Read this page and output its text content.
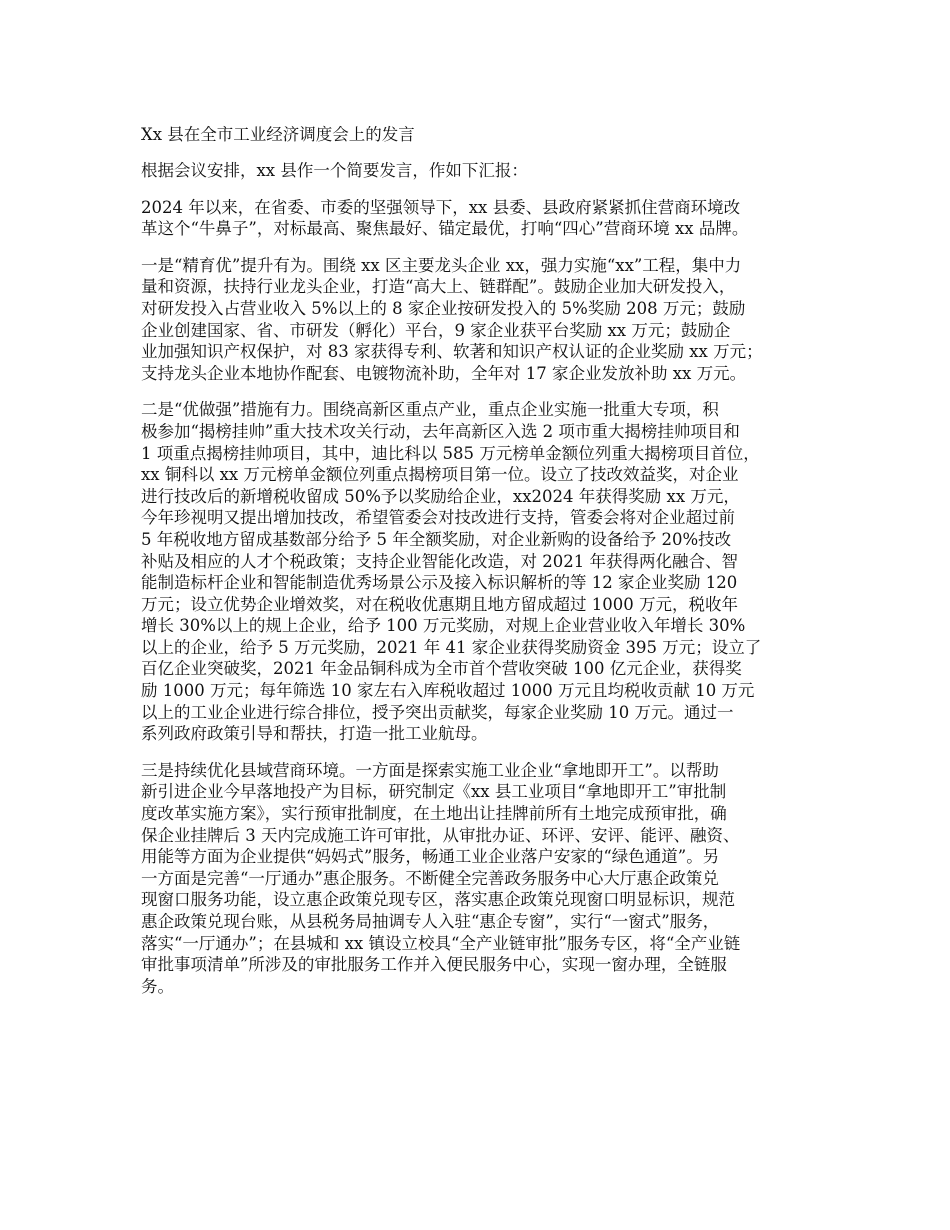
Xx 县在全市工业经济调度会上的发言
根据会议安排，xx 县作一个简要发言，作如下汇报：
2024 年以来，在省委、市委的坚强领导下，xx 县委、县政府紧紧抓住营商环境改
革这个“牛鼻子”，对标最高、聚焦最好、锚定最优，打响“四心”营商环境 xx 品牌。
一是“精育优”提升有为。围绕 xx 区主要龙头企业 xx，强力实施“xx”工程，集中力
量和资源，扶持行业龙头企业，打造“高大上、链群配”。鼓励企业加大研发投入，
对研发投入占营业收入 5%以上的 8 家企业按研发投入的 5%奖励 208 万元；鼓励
企业创建国家、省、市研发（孵化）平台，9 家企业获平台奖励 xx 万元；鼓励企
业加强知识产权保护，对 83 家获得专利、软著和知识产权认证的企业奖励 xx 万元；
支持龙头企业本地协作配套、电镀物流补助，全年对 17 家企业发放补助 xx 万元。
二是“优做强”措施有力。围绕高新区重点产业，重点企业实施一批重大专项，积
极参加“揭榜挂帅”重大技术攻关行动，去年高新区入选 2 项市重大揭榜挂帅项目和
1 项重点揭榜挂帅项目，其中，迪比科以 585 万元榜单金额位列重大揭榜项目首位，
xx 铜科以 xx 万元榜单金额位列重点揭榜项目第一位。设立了技改效益奖，对企业
进行技改后的新增税收留成 50%予以奖励给企业，xx2024 年获得奖励 xx 万元，
今年珍视明又提出增加技改，希望管委会对技改进行支持，管委会将对企业超过前
5 年税收地方留成基数部分给予 5 年全额奖励，对企业新购的设备给予 20%技改
补贴及相应的人才个税政策；支持企业智能化改造，对 2021 年获得两化融合、智
能制造标杆企业和智能制造优秀场景公示及接入标识解析的等 12 家企业奖励 120
万元；设立优势企业增效奖，对在税收优惠期且地方留成超过 1000 万元，税收年
增长 30%以上的规上企业，给予 100 万元奖励，对规上企业营业收入年增长 30%
以上的企业，给予 5 万元奖励，2021 年 41 家企业获得奖励资金 395 万元；设立了
百亿企业突破奖，2021 年金品铜科成为全市首个营收突破 100 亿元企业，获得奖
励 1000 万元；每年筛选 10 家左右入库税收超过 1000 万元且均税收贡献 10 万元
以上的工业企业进行综合排位，授予突出贡献奖，每家企业奖励 10 万元。通过一
系列政府政策引导和帮扶，打造一批工业航母。
三是持续优化县域营商环境。一方面是探索实施工业企业“拿地即开工”。以帮助
新引进企业今早落地投产为目标，研究制定《xx 县工业项目“拿地即开工”审批制
度改革实施方案》，实行预审批制度，在土地出让挂牌前所有土地完成预审批，确
保企业挂牌后 3 天内完成施工许可审批，从审批办证、环评、安评、能评、融资、
用能等方面为企业提供“妈妈式”服务，畅通工业企业落户安家的“绿色通道”。另
一方面是完善“一厅通办”惠企服务。不断健全完善政务服务中心大厅惠企政策兑
现窗口服务功能，设立惠企政策兑现专区，落实惠企政策兑现窗口明显标识，规范
惠企政策兑现台账，从县税务局抽调专人入驻“惠企专窗”，实行“一窗式”服务，
落实“一厅通办”；在县城和 xx 镇设立校具“全产业链审批”服务专区，将“全产业链
审批事项清单”所涉及的审批服务工作并入便民服务中心，实现一窗办理，全链服
务。
